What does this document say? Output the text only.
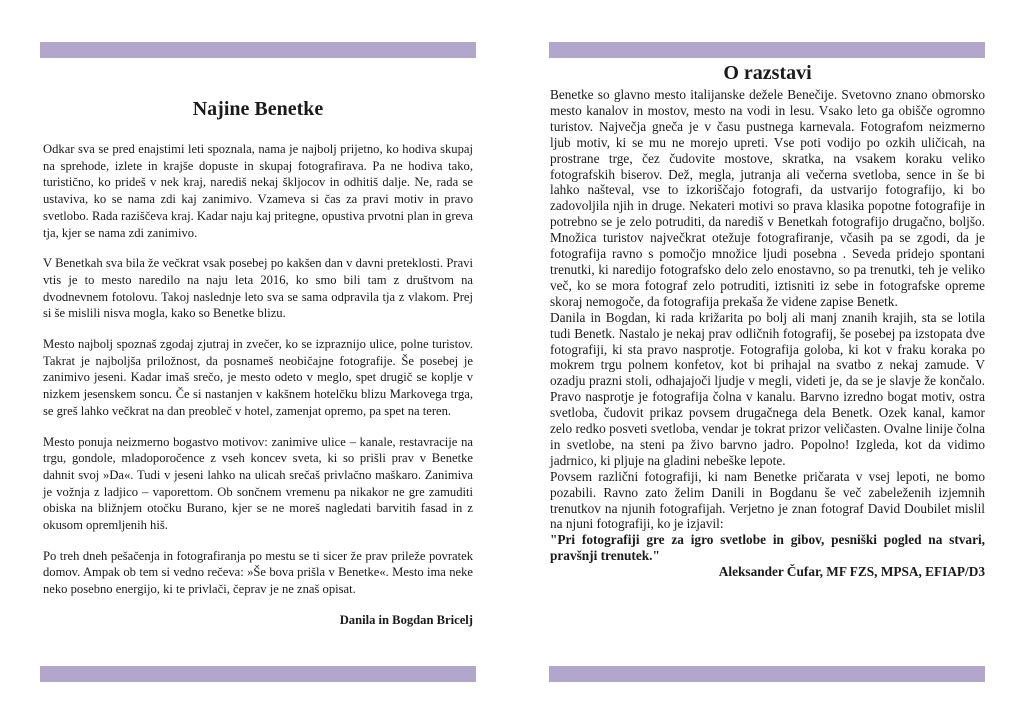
Najine Benetke

Odkar sva se pred enajstimi leti spoznala, nama je najbolj prijetno, ko hodiva skupaj na sprehode, izlete in krajše dopuste in skupaj fotografirava. Pa ne hodiva tako, turistično, ko prideš v nek kraj, narediš nekaj škljocov in odhitiš dalje. Ne, rada se ustaviva, ko se nama zdi kaj zanimivo. Vzameva si čas za pravi motiv in pravo svetlobo. Rada raziščeva kraj. Kadar naju kaj pritegne, opustiva prvotni plan in greva tja, kjer se nama zdi zanimivo.

V Benetkah sva bila že večkrat vsak posebej po kakšen dan v davni preteklosti. Pravi vtis je to mesto naredilo na naju leta 2016, ko smo bili tam z društvom na dvodnevnem fotolovu. Takoj naslednje leto sva se sama odpravila tja z vlakom. Prej si še mislili nisva mogla, kako so Benetke blizu.

Mesto najbolj spoznaš zgodaj zjutraj in zvečer, ko se izpraznijo ulice, polne turistov. Takrat je najboljša priložnost, da posnameš neobičajne fotografije. Še posebej je zanimivo jeseni. Kadar imaš srečo, je mesto odeto v meglo, spet drugič se koplje v nizkem jesenskem soncu. Če si nastanjen v kakšnem hotelčku blizu Markovega trga, se greš lahko večkrat na dan preobleč v hotel, zamenjat opremo, pa spet na teren.

Mesto ponuja neizmerno bogastvo motivov: zanimive ulice – kanale, restavracije na trgu, gondole, mladoporočence z vseh koncev sveta, ki so prišli prav v Benetke dahnit svoj »Da«. Tudi v jeseni lahko na ulicah srečaš privlačno maškaro. Zanimiva je vožnja z ladjico – vaporettom. Ob sončnem vremenu pa nikakor ne gre zamuditi obiska na bližnjem otočku Burano, kjer se ne moreš nagledati barvitih fasad in z okusom opremljenih hiš.

Po treh dneh pešačenja in fotografiranja po mestu se ti sicer že prav prileže povratek domov. Ampak ob tem si vedno rečeva: »Še bova prišla v Benetke«. Mesto ima neke neko posebno energijo, ki te privlači, čeprav je ne znaš opisat.

Danila in Bogdan Bricelj

O razstavi

Benetke so glavno mesto italijanske dežele Benečije. Svetovno znano obmorsko mesto kanalov in mostov, mesto na vodi in lesu. Vsako leto ga obišče ogromno turistov. Največja gneča je v času pustnega karnevala. Fotografom neizmerno ljub motiv, ki se mu ne morejo upreti. Vse poti vodijo po ozkih uličicah, na prostrane trge, čez čudovite mostove, skratka, na vsakem koraku veliko fotografskih biserov. Dež, megla, jutranja ali večerna svetloba, sence in še bi lahko našteval, vse to izkoriščajo fotografi, da ustvarijo fotografijo, ki bo zadovoljila njih in druge. Nekateri motivi so prava klasika popotne fotografije in potrebno se je zelo potruditi, da narediš v Benetkah fotografijo drugačno, boljšo. Množica turistov največkrat otežuje fotografiranje, včasih pa se zgodi, da je fotografija ravno s pomočjo množice ljudi posebna . Seveda pridejo spontani trenutki, ki naredijo fotografsko delo zelo enostavno, so pa trenutki, teh je veliko več, ko se mora fotograf zelo potruditi, iztisniti iz sebe in fotografske opreme skoraj nemogoče, da fotografija prekaša že videne zapise Benetk.

Danila in Bogdan, ki rada križarita po bolj ali manj znanih krajih, sta se lotila tudi Benetk. Nastalo je nekaj prav odličnih fotografij, še posebej pa izstopata dve fotografiji, ki sta pravo nasprotje. Fotografija goloba, ki kot v fraku koraka po mokrem trgu polnem konfetov, kot bi prihajal na svatbo z nekaj zamude. V ozadju prazni stoli, odhajajoči ljudje v megli, videti je, da se je slavje že končalo. Pravo nasprotje je fotografija čolna v kanalu. Barvno izredno bogat motiv, ostra svetloba, čudovit prikaz povsem drugačnega dela Benetk. Ozek kanal, kamor zelo redko posveti svetloba, vendar je tokrat prizor veličasten. Ovalne linije čolna in svetlobe, na steni pa živo barvno jadro. Popolno! Izgleda, kot da vidimo jadrnico, ki pljuje na gladini nebeške lepote.

Povsem različni fotografiji, ki nam Benetke pričarata v vsej lepoti, ne bomo pozabili. Ravno zato želim Danili in Bogdanu še več zabeleženih izjemnih trenutkov na njunih fotografijah. Verjetno je znan fotograf David Doubilet mislil na njuni fotografiji, ko je izjavil:

"Pri fotografiji gre za igro svetlobe in gibov, pesniški pogled na stvari, pravšnji trenutek."

Aleksander Čufar, MF FZS, MPSA, EFIAP/D3
